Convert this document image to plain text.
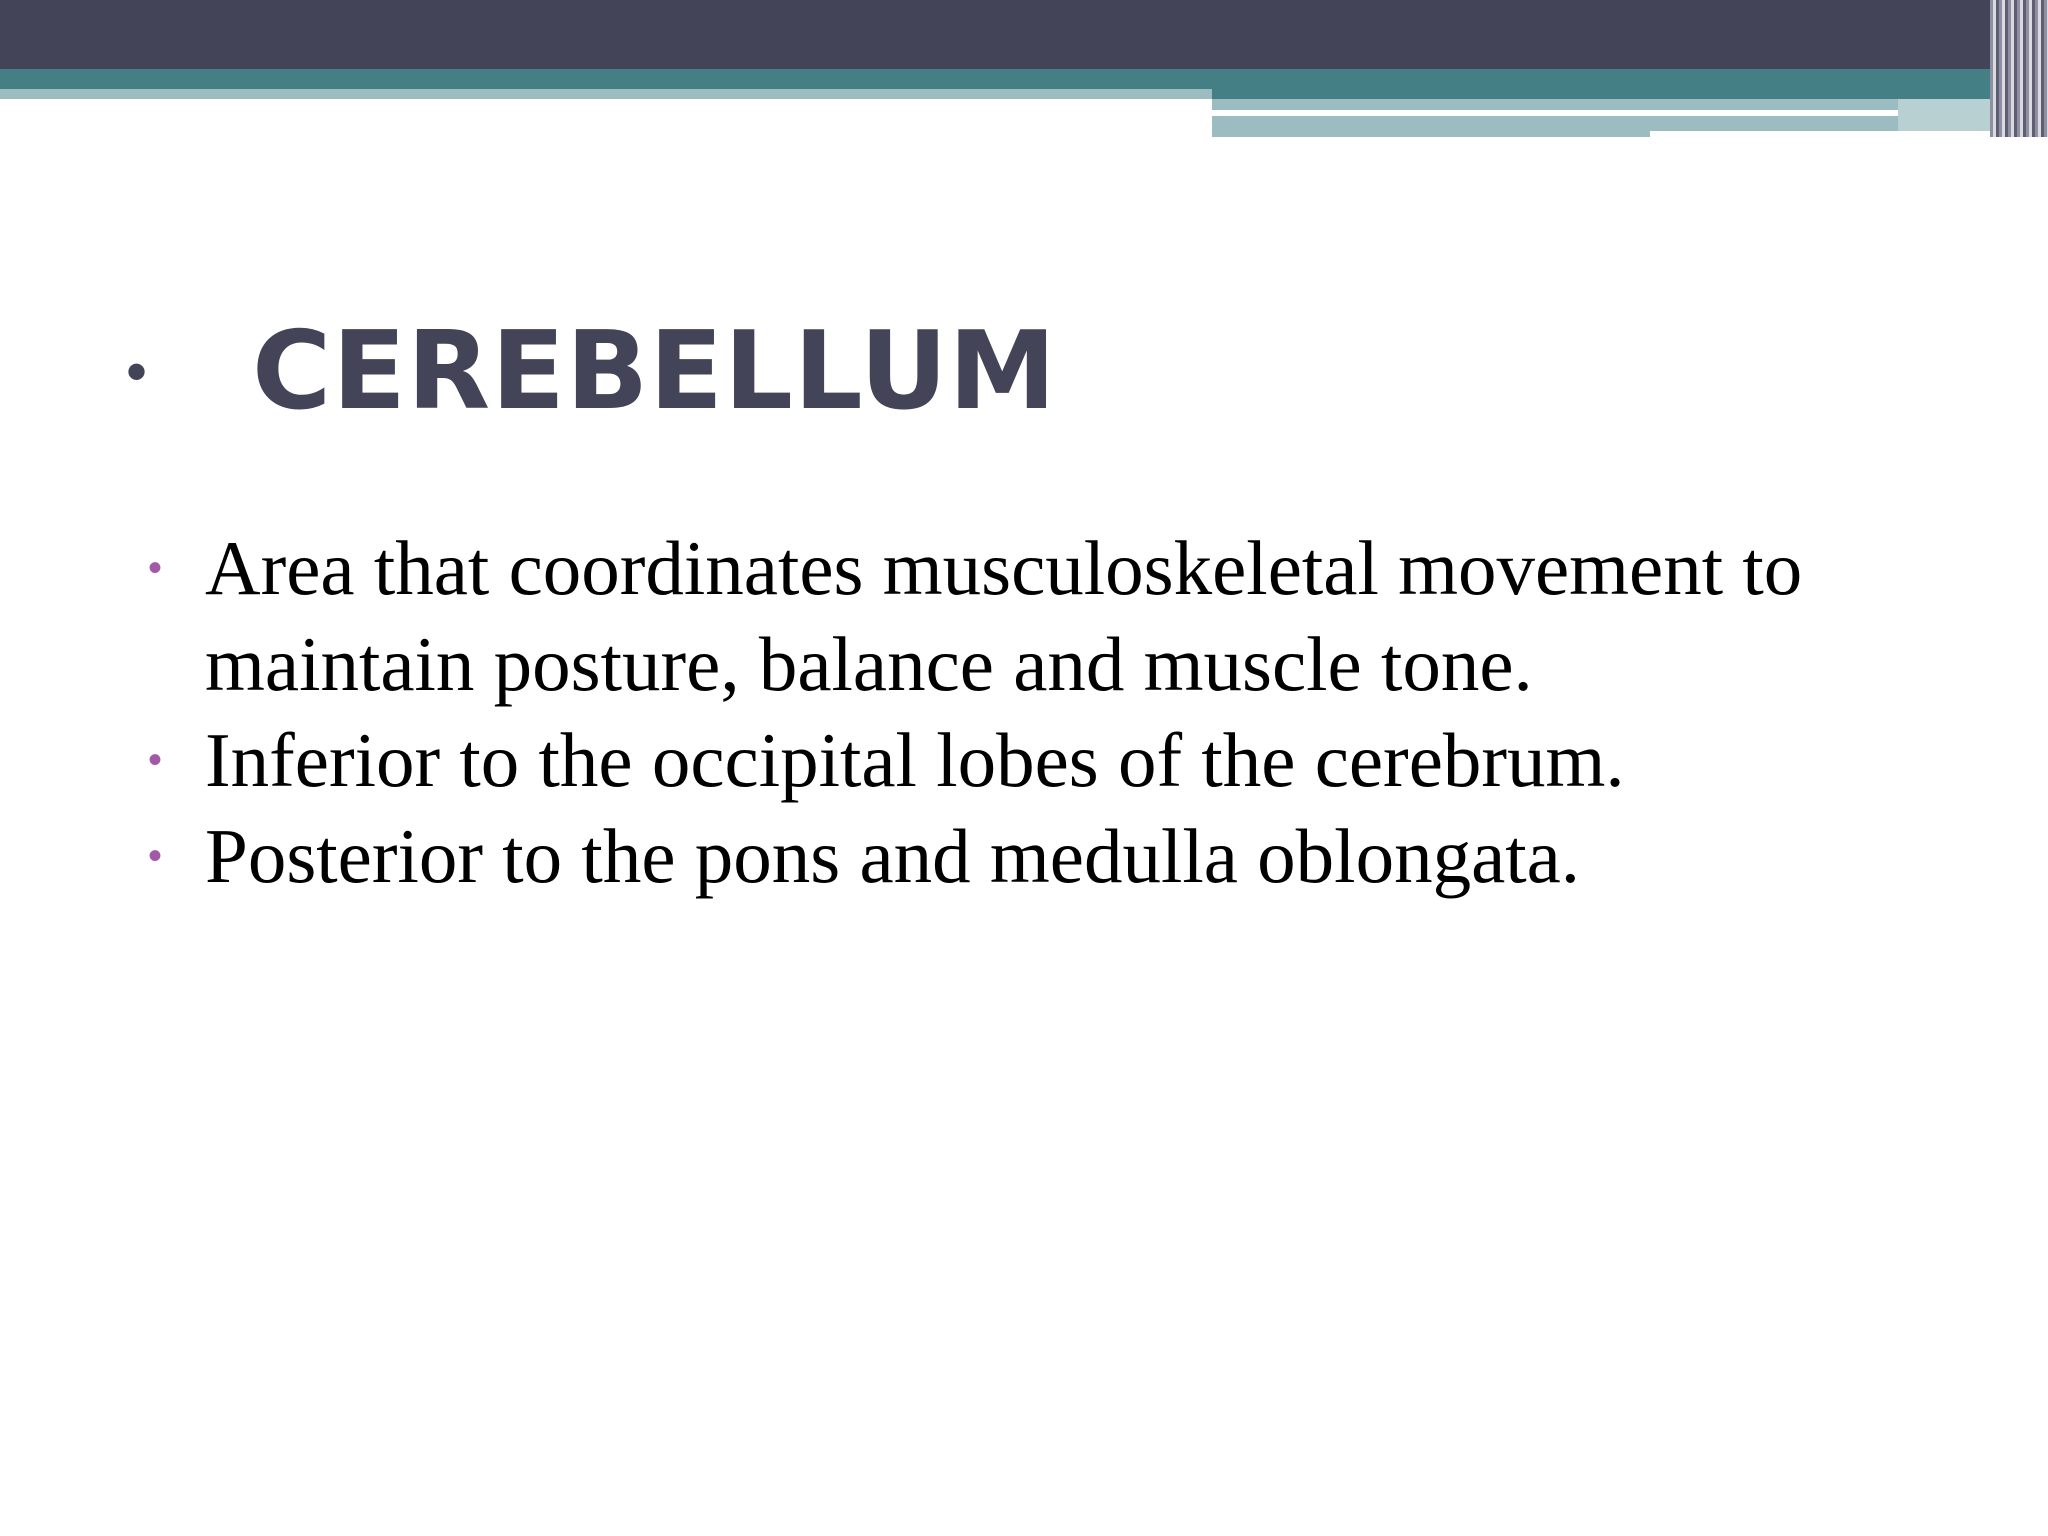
• CEREBELLUM
• Area that coordinates musculoskeletal movement to maintain posture, balance and muscle tone.
• Inferior to the occipital lobes of the cerebrum.
• Posterior to the pons and medulla oblongata.
